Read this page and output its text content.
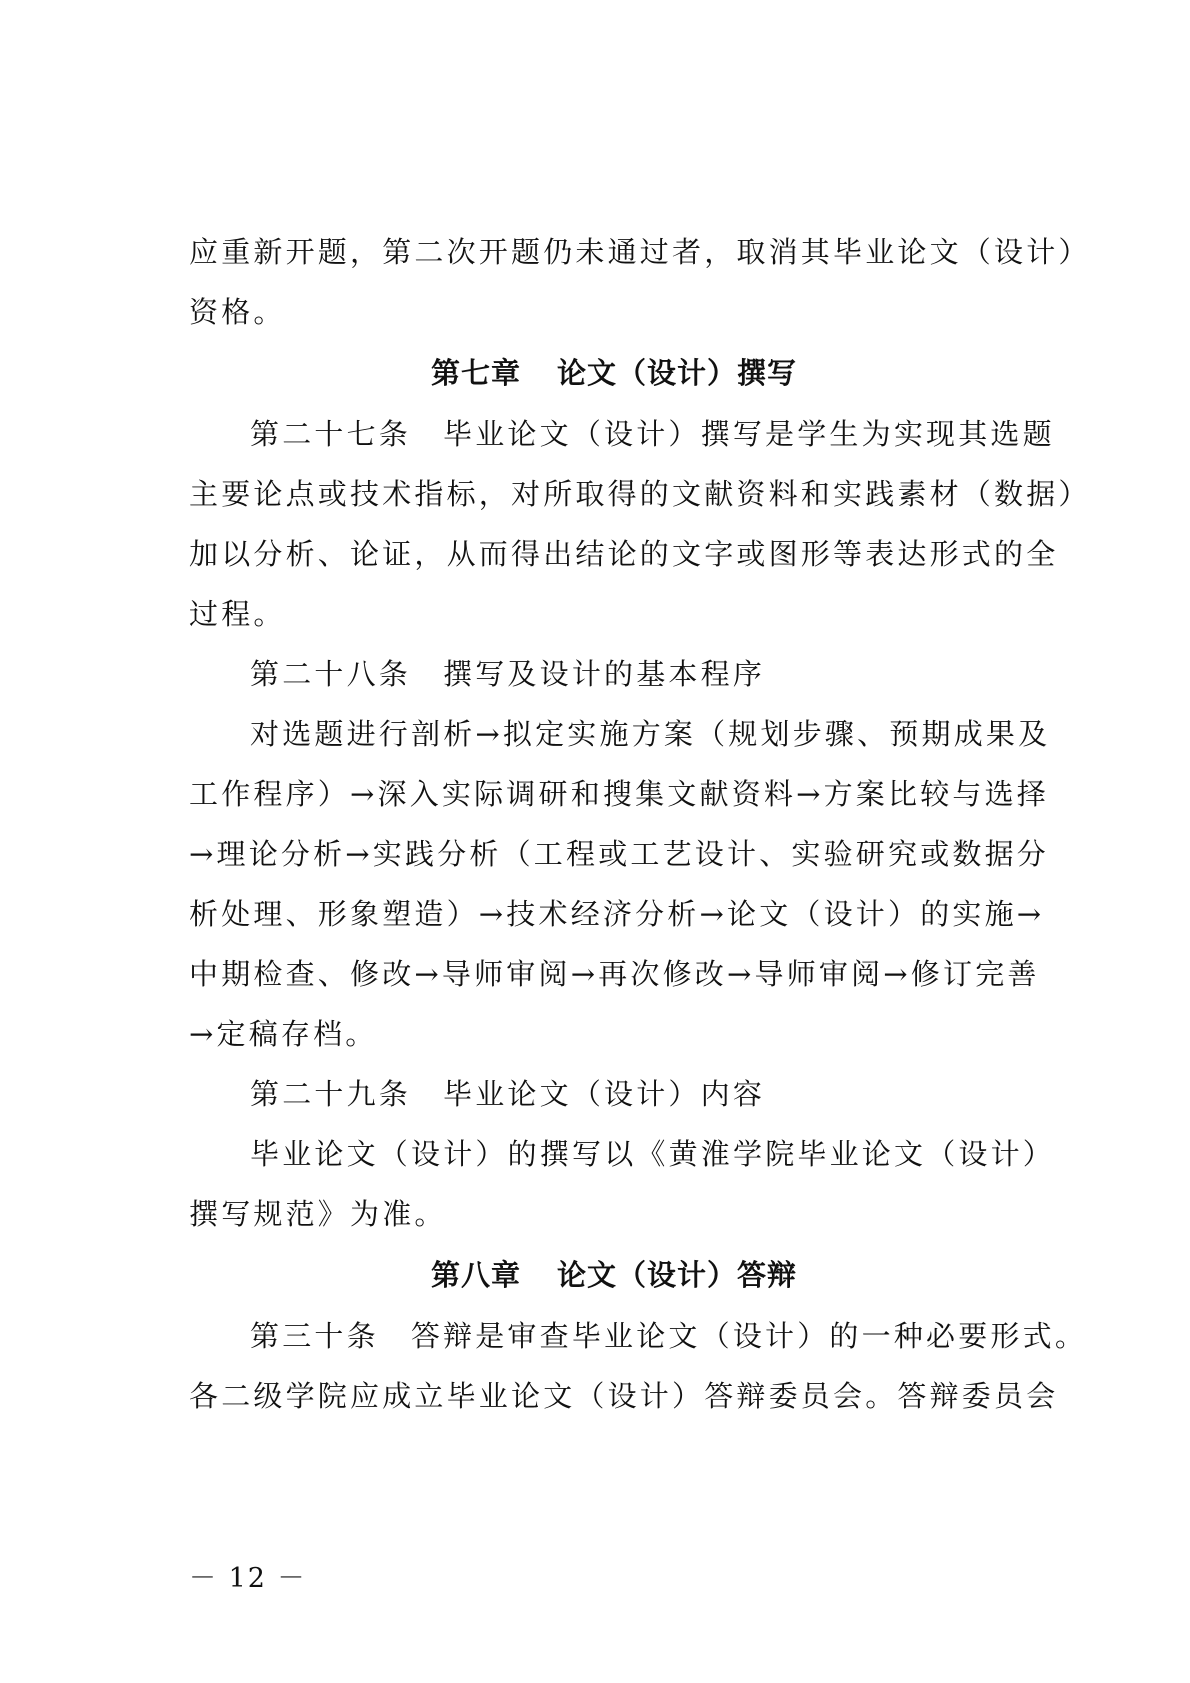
应重新开题，第二次开题仍未通过者，取消其毕业论文（设计）
资格。
第七章 论文（设计）撰写
第二十七条 毕业论文（设计）撰写是学生为实现其选题
主要论点或技术指标，对所取得的文献资料和实践素材（数据）
加以分析、论证，从而得出结论的文字或图形等表达形式的全
过程。
第二十八条 撰写及设计的基本程序
对选题进行剖析→拟定实施方案（规划步骤、预期成果及
工作程序）→深入实际调研和搜集文献资料→方案比较与选择
→理论分析→实践分析（工程或工艺设计、实验研究或数据分
析处理、形象塑造）→技术经济分析→论文（设计）的实施→
中期检查、修改→导师审阅→再次修改→导师审阅→修订完善
→定稿存档。
第二十九条 毕业论文（设计）内容
毕业论文（设计）的撰写以《黄淮学院毕业论文（设计）
撰写规范》为准。
第八章 论文（设计）答辩
第三十条 答辩是审查毕业论文（设计）的一种必要形式。
各二级学院应成立毕业论文（设计）答辩委员会。答辩委员会
－ 12 －
